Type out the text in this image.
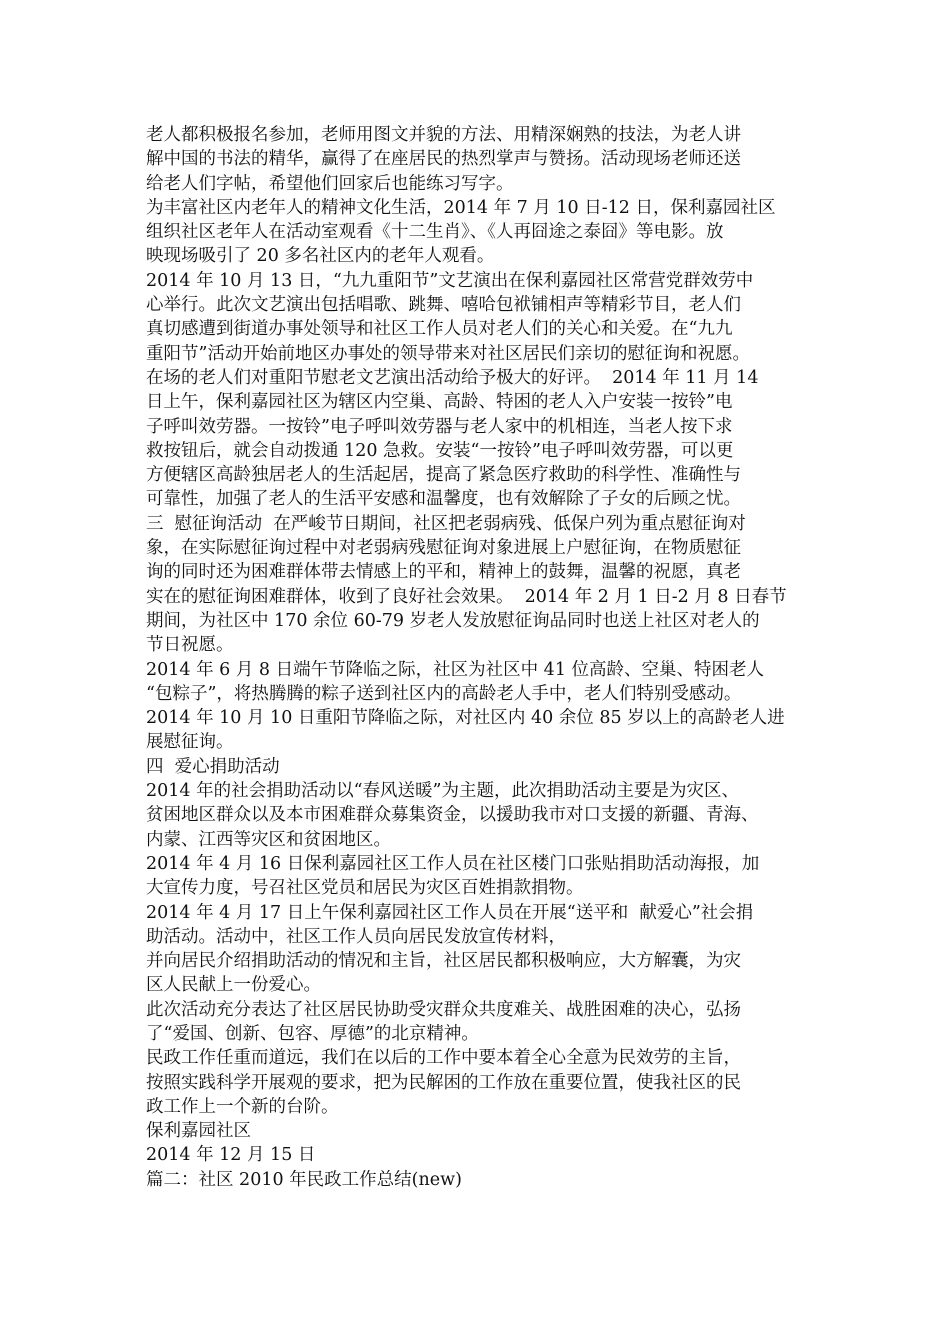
老人都积极报名参加，老师用图文并貌的方法、用精深娴熟的技法，为老人讲
解中国的书法的精华，赢得了在座居民的热烈掌声与赞扬。活动现场老师还送
给老人们字帖，希望他们回家后也能练习写字。
为丰富社区内老年人的精神文化生活，2014 年 7 月 10 日-12 日，保利嘉园社区
组织社区老年人在活动室观看《十二生肖》、《人再囧途之泰囧》等电影。放
映现场吸引了 20 多名社区内的老年人观看。
2014 年 10 月 13 日，“九九重阳节”文艺演出在保利嘉园社区常营党群效劳中
心举行。此次文艺演出包括唱歌、跳舞、嘻哈包袱铺相声等精彩节目，老人们
真切感遭到街道办事处领导和社区工作人员对老人们的关心和关爱。在“九九
重阳节”活动开始前地区办事处的领导带来对社区居民们亲切的慰征询和祝愿。
在场的老人们对重阳节慰老文艺演出活动给予极大的好评。  2014 年 11 月 14
日上午，保利嘉园社区为辖区内空巢、高龄、特困的老人入户安装一按铃”电
子呼叫效劳器。一按铃”电子呼叫效劳器与老人家中的机相连，当老人按下求
救按钮后，就会自动拨通 120 急救。安装“一按铃”电子呼叫效劳器，可以更
方便辖区高龄独居老人的生活起居，提高了紧急医疗救助的科学性、准确性与
可靠性，加强了老人的生活平安感和温馨度，也有效解除了子女的后顾之忧。
三  慰征询活动  在严峻节日期间，社区把老弱病残、低保户列为重点慰征询对
象，在实际慰征询过程中对老弱病残慰征询对象进展上户慰征询，在物质慰征
询的同时还为困难群体带去情感上的平和，精神上的鼓舞，温馨的祝愿，真老
实在的慰征询困难群体，收到了良好社会效果。  2014 年 2 月 1 日-2 月 8 日春节
期间，为社区中 170 余位 60-79 岁老人发放慰征询品同时也送上社区对老人的
节日祝愿。
2014 年 6 月 8 日端午节降临之际，社区为社区中 41 位高龄、空巢、特困老人
“包粽子”，将热腾腾的粽子送到社区内的高龄老人手中，老人们特别受感动。
2014 年 10 月 10 日重阳节降临之际，对社区内 40 余位 85 岁以上的高龄老人进
展慰征询。
四  爱心捐助活动
2014 年的社会捐助活动以“春风送暖”为主题，此次捐助活动主要是为灾区、
贫困地区群众以及本市困难群众募集资金，以援助我市对口支援的新疆、青海、
内蒙、江西等灾区和贫困地区。
2014 年 4 月 16 日保利嘉园社区工作人员在社区楼门口张贴捐助活动海报，加
大宣传力度，号召社区党员和居民为灾区百姓捐款捐物。
2014 年 4 月 17 日上午保利嘉园社区工作人员在开展“送平和  献爱心”社会捐
助活动。活动中，社区工作人员向居民发放宣传材料，
并向居民介绍捐助活动的情况和主旨，社区居民都积极响应，大方解囊，为灾
区人民献上一份爱心。
此次活动充分表达了社区居民协助受灾群众共度难关、战胜困难的决心，弘扬
了“爱国、创新、包容、厚德”的北京精神。
民政工作任重而道远，我们在以后的工作中要本着全心全意为民效劳的主旨，
按照实践科学开展观的要求，把为民解困的工作放在重要位置，使我社区的民
政工作上一个新的台阶。
保利嘉园社区
2014 年 12 月 15 日
篇二：社区 2010 年民政工作总结(new)
